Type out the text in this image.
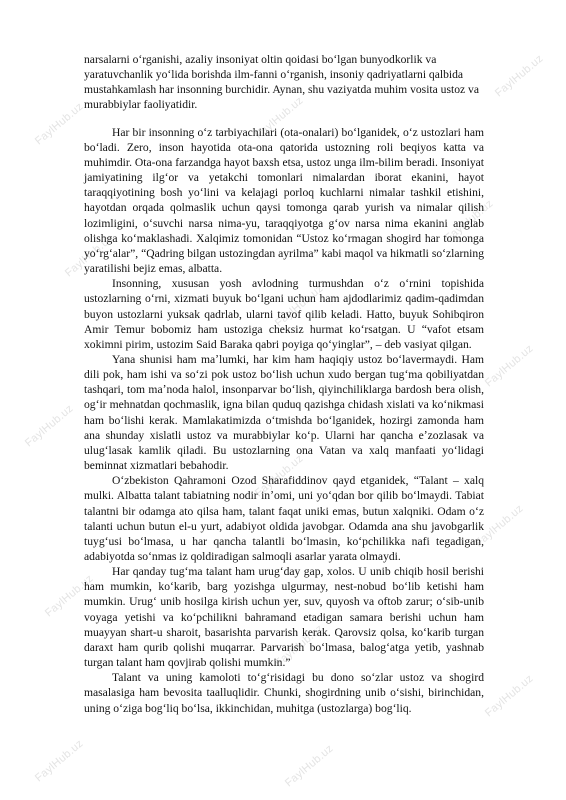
FaylHub.uz
FaylHub.uz	FaylHub.uz
FaylHub.uz
FaylHub.uz
FaylHub.uz
FaylHub.uz
FaylHub.uz
FaylHub.uz
FaylHub.uz
FaylHub.uz
FaylHub.uz
FaylHub.uz
FaylHub.uz	FaylHub.uz

narsalarni oʻrganishi, azaliy insoniyat oltin qoidasi boʻlgan bunyodkorlik va yaratuvchanlik yoʻlida borishda ilm-fanni oʻrganish, insoniy qadriyatlarni qalbida mustahkamlash har insonning burchidir. Aynan, shu vaziyatda muhim vosita ustoz va murabbiylar faoliyatidir.

Har bir insonning oʻz tarbiyachilari (ota-onalari) boʻlganidek, oʻz ustozlari ham boʻladi. Zero, inson hayotida ota-ona qatorida ustozning roli beqiyos katta va muhimdir. Ota-ona farzandga hayot baxsh etsa, ustoz unga ilm-bilim beradi. Insoniyat jamiyatining ilgʻor va yetakchi tomonlari nimalardan iborat ekanini, hayot taraqqiyotining bosh yoʻlini va kelajagi porloq kuchlarni nimalar tashkil etishini, hayotdan orqada qolmaslik uchun qaysi tomonga qarab yurish va nimalar qilish lozimligini, oʻsuvchi narsa nima-yu, taraqqiyotga gʻov narsa nima ekanini anglab olishga koʻmaklashadi. Xalqimiz tomonidan “Ustoz koʻrmagan shogird har tomonga yoʻrgʻalar”, “Qadring bilgan ustozingdan ayrilma” kabi maqol va hikmatli soʻzlarning yaratilishi bejiz emas, albatta.

Insonning, xususan yosh avlodning turmushdan oʻz oʻrnini topishida ustozlarning oʻrni, xizmati buyuk boʻlgani uchun ham ajdodlarimiz qadim-qadimdan buyon ustozlarni yuksak qadrlab, ularni tavof qilib keladi. Hatto, buyuk Sohibqiron Amir Temur bobomiz ham ustoziga cheksiz hurmat koʻrsatgan. U “vafot etsam xokimni pirim, ustozim Said Baraka qabri poyiga qoʻyinglar”, – deb vasiyat qilgan.

Yana shunisi ham maʼlumki, har kim ham haqiqiy ustoz boʻlavermaydi. Ham dili pok, ham ishi va soʻzi pok ustoz boʻlish uchun xudo bergan tugʻma qobiliyatdan tashqari, tom maʼnoda halol, insonparvar boʻlish, qiyinchiliklarga bardosh bera olish, ogʻir mehnatdan qochmaslik, igna bilan quduq qazishga chidash xislati va koʻnikmasi ham boʻlishi kerak. Mamlakatimizda oʻtmishda boʻlganidek, hozirgi zamonda ham ana shunday xislatli ustoz va murabbiylar koʻp. Ularni har qancha eʼzozlasak va ulugʻlasak kamlik qiladi. Bu ustozlarning ona Vatan va xalq manfaati yoʻlidagi beminnat xizmatlari bebahodir.

Oʻzbekiston Qahramoni Ozod Sharafiddinov qayd etganidek, “Talant – xalq mulki. Albatta talant tabiatning nodir inʼomi, uni yoʻqdan bor qilib boʻlmaydi. Tabiat talantni bir odamga ato qilsa ham, talant faqat uniki emas, butun xalqniki. Odam oʻz talanti uchun butun el-u yurt, adabiyot oldida javobgar. Odamda ana shu javobgarlik tuygʻusi boʻlmasa, u har qancha talantli boʻlmasin, koʻpchilikka nafi tegadigan, adabiyotda soʻnmas iz qoldiradigan salmoqli asarlar yarata olmaydi.

Har qanday tugʻma talant ham urugʻday gap, xolos. U unib chiqib hosil berishi ham mumkin, koʻkarib, barg yozishga ulgurmay, nest-nobud boʻlib ketishi ham mumkin. Urugʻ unib hosilga kirish uchun yer, suv, quyosh va oftob zarur; oʻsib-unib voyaga yetishi va koʻpchilikni bahramand etadigan samara berishi uchun ham muayyan shart-u sharoit, basarishta parvarish kerak. Qarovsiz qolsa, koʻkarib turgan daraxt ham qurib qolishi muqarrar. Parvarish boʻlmasa, balogʻatga yetib, yashnab turgan talant ham qovjirab qolishi mumkin.”

Talant va uning kamoloti toʻgʻrisidagi bu dono soʻzlar ustoz va shogird masalasiga ham bevosita taalluqlidir. Chunki, shogirdning unib oʻsishi, birinchidan, uning oʻziga bogʻliq boʻlsa, ikkinchidan, muhitga (ustozlarga) bogʻliq.
